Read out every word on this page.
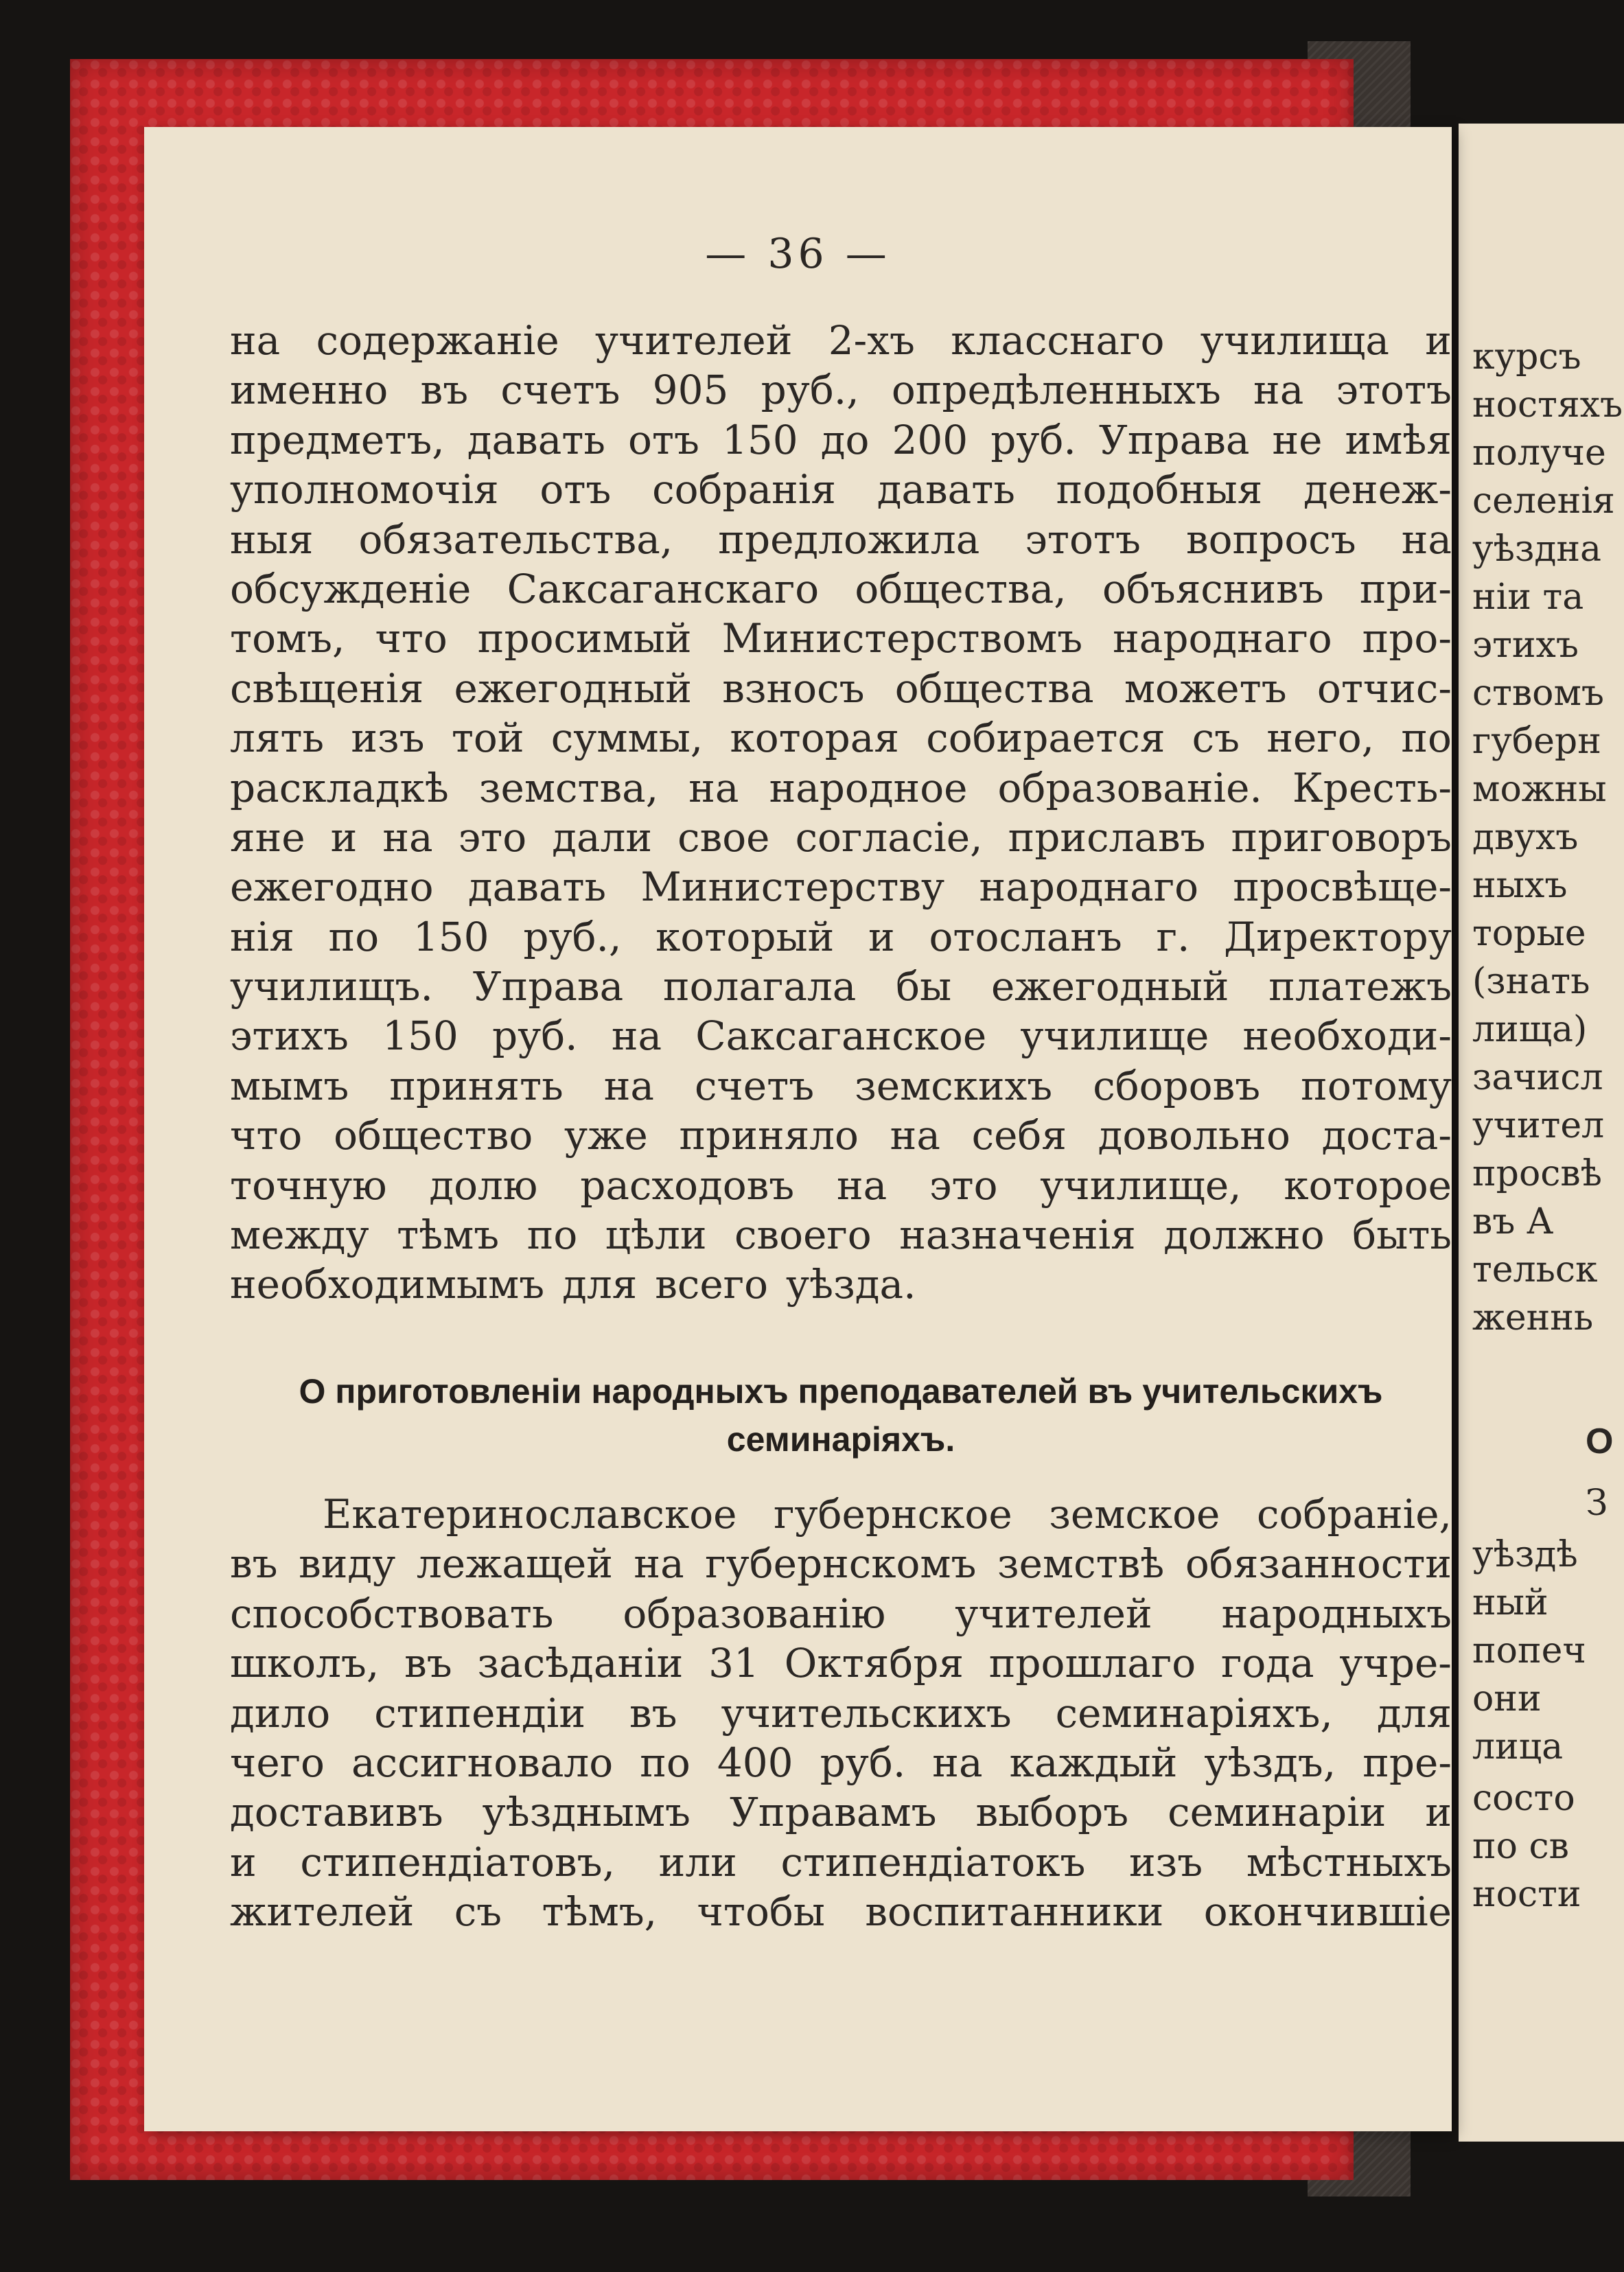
— 36 —
на содержаніе учителей 2-хъ класснаго училища и
именно въ счетъ 905 руб., опредѣленныхъ на этотъ
предметъ, давать отъ 150 до 200 руб. Управа не имѣя
уполномочія отъ собранія давать подобныя денеж-
ныя обязательства, предложила этотъ вопросъ на
обсужденіе Саксаганскаго общества, объяснивъ при-
томъ, что просимый Министерствомъ народнаго про-
свѣщенія ежегодный взносъ общества можетъ отчис-
лять изъ той суммы, которая собирается съ него, по
раскладкѣ земства, на народное образованіе. Кресть-
яне и на это дали свое согласіе, приславъ приговоръ
ежегодно давать Министерству народнаго просвѣще-
нія по 150 руб., который и отосланъ г. Директору
училищъ. Управа полагала бы ежегодный платежъ
этихъ 150 руб. на Саксаганское училище необходи-
мымъ принять на счетъ земскихъ сборовъ потому
что общество уже приняло на себя довольно доста-
точную долю расходовъ на это училище, которое
между тѣмъ по цѣли своего назначенія должно быть
необходимымъ для всего уѣзда.
О приготовленіи народныхъ преподавателей въ учительскихъ
семинаріяхъ.
Екатеринославское губернское земское собраніе,
въ виду лежащей на губернскомъ земствѣ обязанности
способствовать образованію учителей народныхъ
школъ, въ засѣданіи 31 Октября прошлаго года учре-
дило стипендіи въ учительскихъ семинаріяхъ, для
чего ассигновало по 400 руб. на каждый уѣздъ, пре-
доставивъ уѣзднымъ Управамъ выборъ семинаріи и
и стипендіатовъ, или стипендіатокъ изъ мѣстныхъ
жителей съ тѣмъ, чтобы воспитанники окончившіе
курсъ
ностяхъ
получе
селенія
уѣздна
ніи та
этихъ
ствомъ
губерн
можны
двухъ
ныхъ
торые
(знать
лища)
зачисл
учител
просвѣ
въ А
тельск
женнь
О
З
уѣздѣ
ный
попеч
они
лица
состо
по св
ности
